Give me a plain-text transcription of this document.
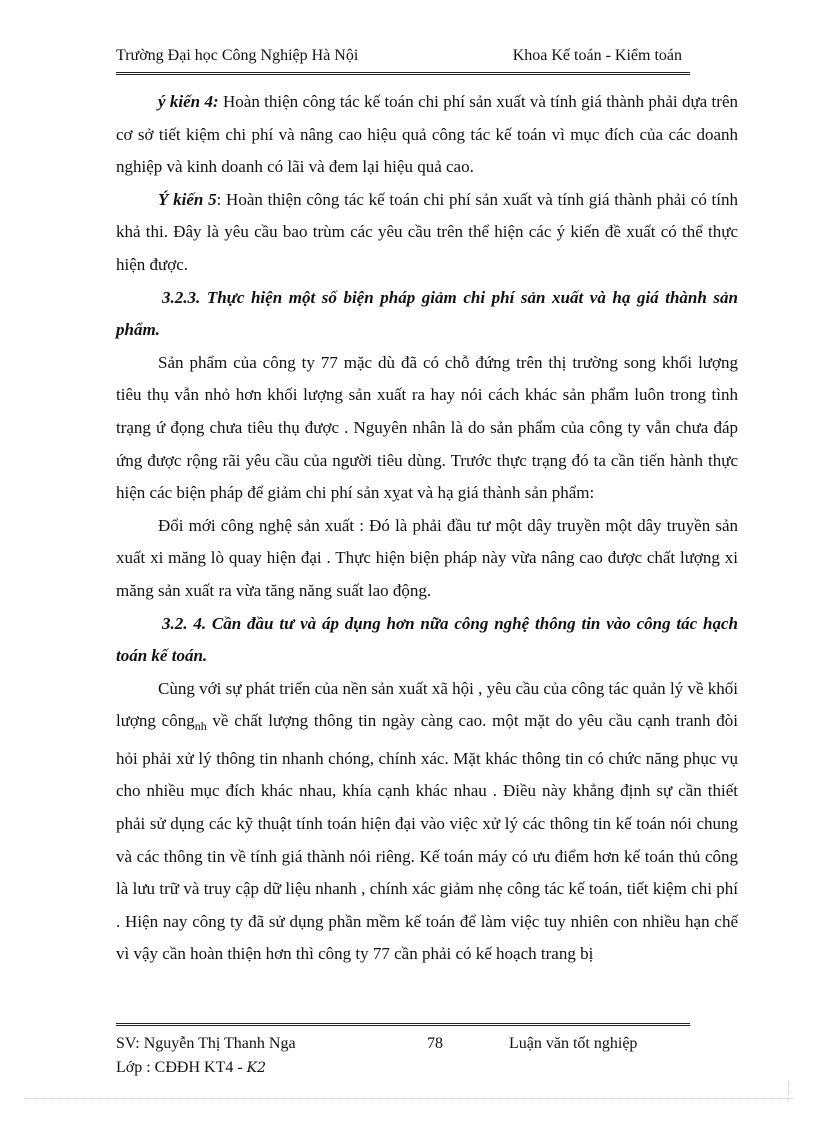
Trường Đại học Công Nghiệp Hà Nội	Khoa Kế toán - Kiểm toán

ý kiến 4: Hoàn thiện công tác kế toán chi phí sản xuất và tính giá thành phải dựa trên cơ sở tiết kiệm chi phí và nâng cao hiệu quả công tác kế toán vì mục đích của các doanh nghiệp và kinh doanh có lãi và đem lại hiệu quả cao.

Ý kiến 5: Hoàn thiện công tác kế toán chi phí sản xuất và tính giá thành phải có tính khả thi. Đây là yêu cầu bao trùm các yêu cầu trên thể hiện các ý kiến đề xuất có thể thực hiện được.

3.2.3. Thực hiện một số biện pháp giảm chi phí sản xuất và hạ giá thành sản phẩm.

Sản phẩm của công ty 77 mặc dù đã có chỗ đứng trên thị trường song khối lượng tiêu thụ vẫn nhỏ hơn khối lượng sản xuất ra hay nói cách khác sản phẩm luôn trong tình trạng ứ đọng chưa tiêu thụ được . Nguyên nhân là do sản phẩm của công ty vẫn chưa đáp ứng được rộng rãi yêu cầu của người tiêu dùng. Trước thực trạng đó ta cần tiến hành thực hiện các biện pháp để giảm chi phí sản xỵat và hạ giá thành sản phẩm:

Đổi mới công nghệ sản xuất : Đó là phải đầu tư một dây truyền một dây truyền sản xuất xi măng lò quay hiện đại . Thực hiện biện pháp này vừa nâng cao được chất lượng xi măng sản xuất ra vừa tăng năng suất lao động.

3.2. 4. Cần đầu tư và áp dụng hơn nữa công nghệ thông tin vào công tác hạch toán kế toán.

Cùng với sự phát triển của nền sản xuất xã hội , yêu cầu của công tác quản lý về khối lượng công$_{nh}$ về chất lượng thông tin ngày càng cao. một mặt do yêu cầu cạnh tranh đòi hỏi phải xử lý thông tin nhanh chóng, chính xác. Mặt khác thông tin có chức năng phục vụ cho nhiều mục đích khác nhau, khía cạnh khác nhau . Điều này khẳng định sự cần thiết phải sử dụng các kỹ thuật tính toán hiện đại vào việc xử lý các thông tin kế toán nói chung và các thông tin về tính giá thành nói riêng. Kế toán máy có ưu điểm hơn kế toán thủ công là lưu trữ và truy cập dữ liệu nhanh , chính xác giảm nhẹ công tác kế toán, tiết kiệm chi phí . Hiện nay công ty đã sử dụng phần mềm kế toán để làm việc tuy nhiên con nhiều hạn chế vì vậy cần hoàn thiện hơn thì công ty 77 cần phải có kế hoạch trang bị

SV: Nguyễn Thị Thanh Nga	78	Luận văn tốt nghiệp
Lớp : CĐĐH KT4 - K2
